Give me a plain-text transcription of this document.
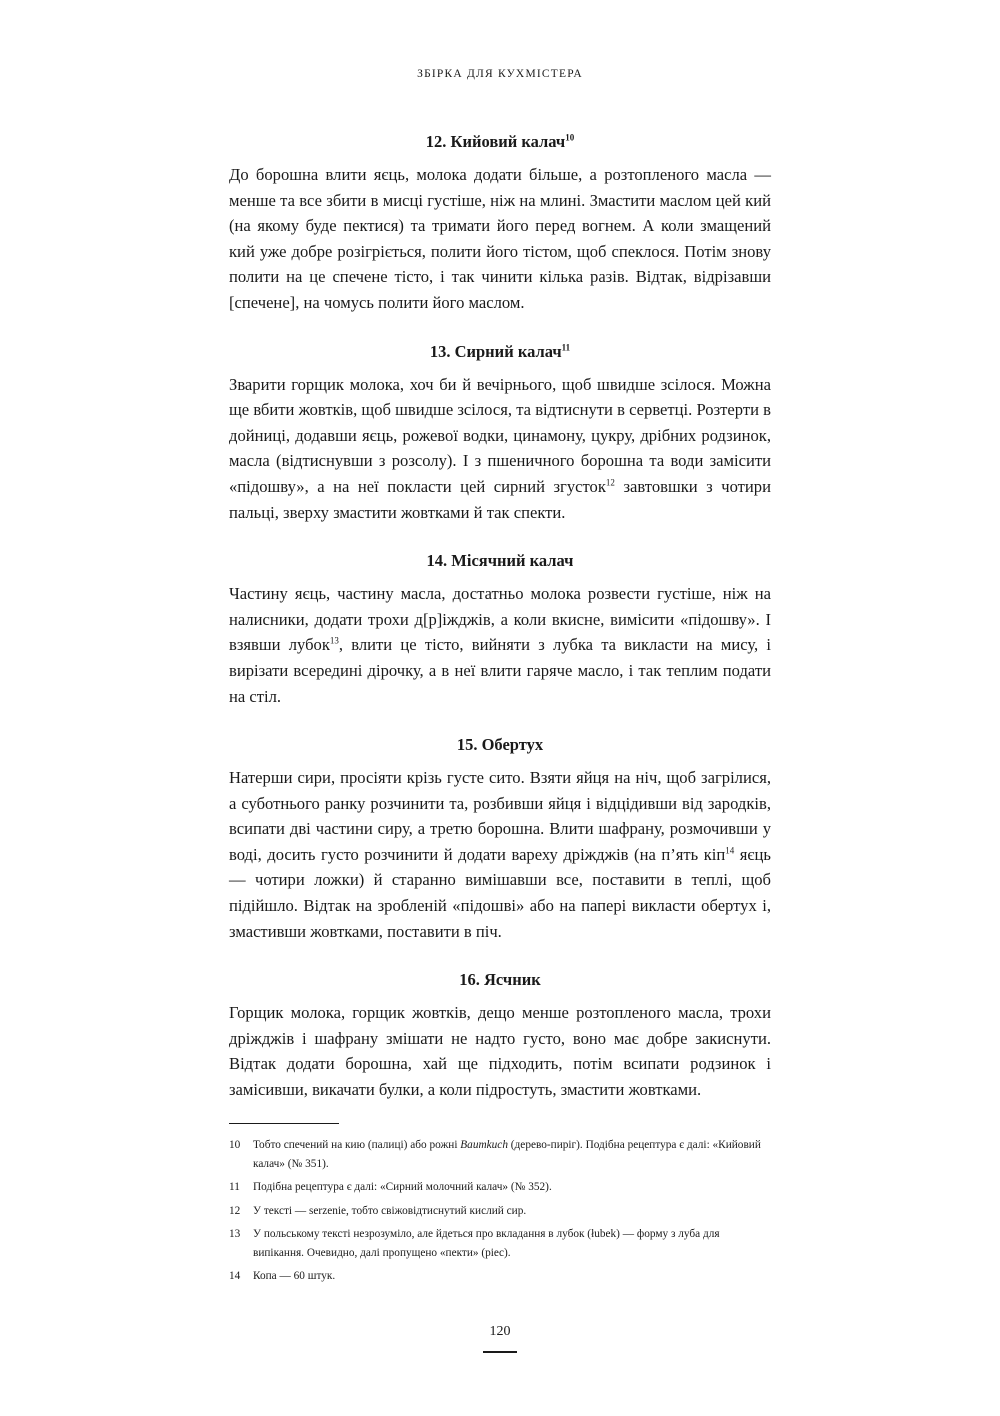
ЗБІРКА ДЛЯ КУХМІСТЕРА
12. Кийовий калач$^{10}$

До борошна влити яєць, молока додати більше, а розтопленого масла — менше та все збити в мисці густіше, ніж на млині. Змастити маслом цей кий (на якому буде пектися) та тримати його перед вогнем. А коли змащений кий уже добре розігріється, полити його тістом, щоб спеклося. Потім знову полити на це спечене тісто, і так чинити кілька разів. Відтак, відрізавши [спечене], на чомусь полити його маслом.

13. Сирний калач$^{11}$

Зварити горщик молока, хоч би й вечірнього, щоб швидше зсілося. Можна ще вбити жовтків, щоб швидше зсілося, та відтиснути в серветці. Розтерти в дойниці, додавши яєць, рожевої водки, цинамону, цукру, дрібних родзинок, масла (відтиснувши з розсолу). І з пшеничного борошна та води замісити «підошву», а на неї покласти цей сирний згусток$^{12}$ завтовшки з чотири пальці, зверху змастити жовтками й так спекти.

14. Місячний калач

Частину яєць, частину масла, достатньо молока розвести густіше, ніж на налисники, додати трохи д[р]іжджів, а коли вкисне, вимісити «підошву». І взявши лубок$^{13}$, влити це тісто, вийняти з лубка та викласти на мису, і вирізати всередині дірочку, а в неї влити гаряче масло, і так теплим подати на стіл.

15. Обертух

Натерши сири, просіяти крізь густе сито. Взяти яйця на ніч, щоб загрілися, а суботнього ранку розчинити та, розбивши яйця і відцідивши від зародків, всипати дві частини сиру, а третю борошна. Влити шафрану, розмочивши у воді, досить густо розчинити й додати вареху дріжджів (на п’ять кіп$^{14}$ яєць — чотири ложки) й старанно вимішавши все, поставити в теплі, щоб підійшло. Відтак на зробленій «підошві» або на папері викласти обертух і, змастивши жовтками, поставити в піч.

16. Ясчник

Горщик молока, горщик жовтків, дещо менше розтопленого масла, трохи дріжджів і шафрану змішати не надто густо, воно має добре закиснути. Відтак додати борошна, хай ще підходить, потім всипати родзинок і замісивши, викачати булки, а коли підростуть, змастити жовтками.

10	Тобто спечений на кию (палиці) або рожні Baumkuch (дерево-пиріг). Подібна рецептура є далі: «Кийовий калач» (№ 351).
11	Подібна рецептура є далі: «Сирний молочний калач» (№ 352).
12	У тексті — serzenie, тобто свіжовідтиснутий кислий сир.
13	У польському тексті незрозуміло, але йдеться про вкладання в лубок (łubek) — форму з луба для випікання. Очевидно, далі пропущено «пекти» (piec).
14	Копа — 60 штук.
120
